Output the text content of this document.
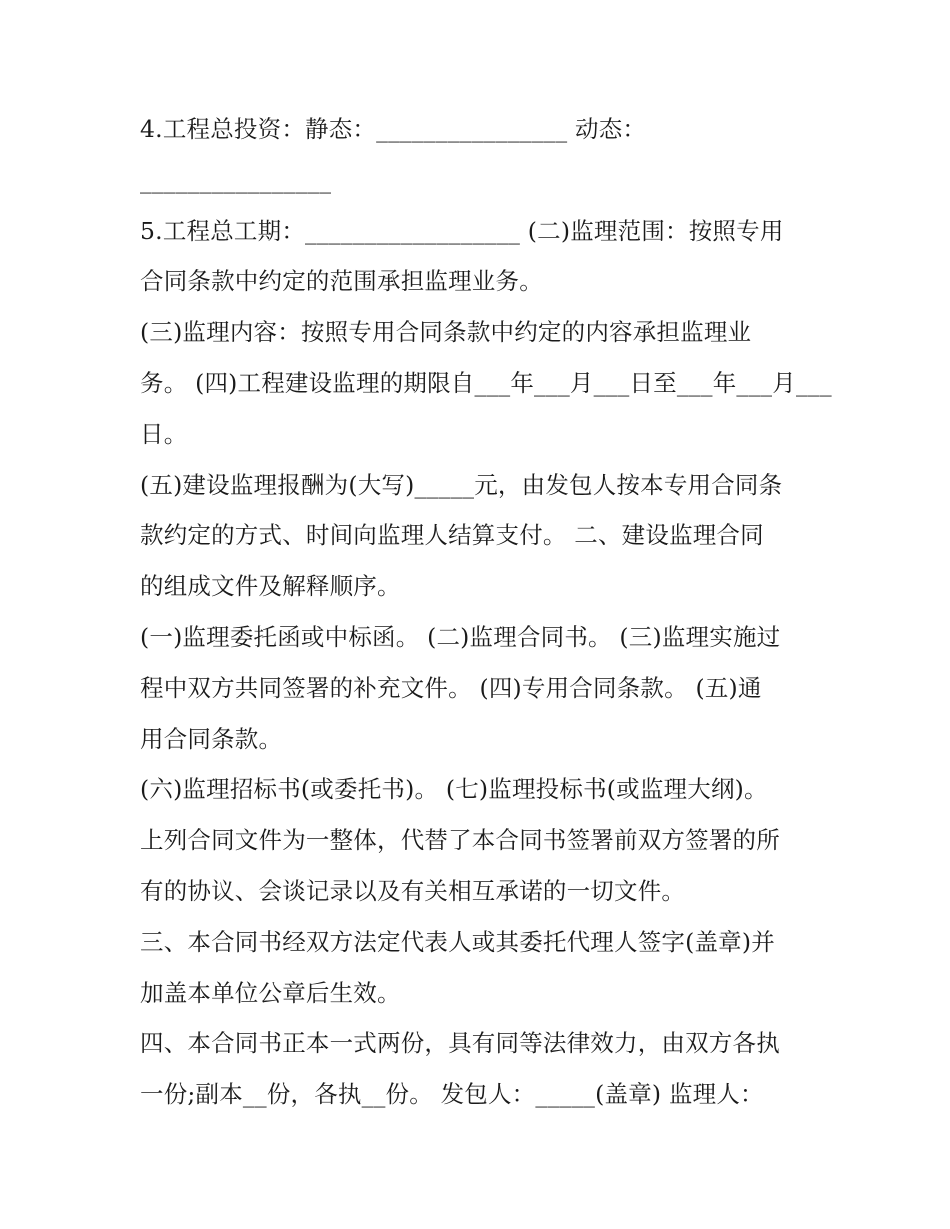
4.工程总投资：静态：________________ 动态：
________________
5.工程总工期：__________________ (二)监理范围：按照专用
合同条款中约定的范围承担监理业务。
(三)监理内容：按照专用合同条款中约定的内容承担监理业
务。 (四)工程建设监理的期限自___年___月___日至___年___月___
日。
(五)建设监理报酬为(大写)_____元，由发包人按本专用合同条
款约定的方式、时间向监理人结算支付。 二、建设监理合同
的组成文件及解释顺序。
(一)监理委托函或中标函。 (二)监理合同书。 (三)监理实施过
程中双方共同签署的补充文件。 (四)专用合同条款。 (五)通
用合同条款。
(六)监理招标书(或委托书)。 (七)监理投标书(或监理大纲)。
上列合同文件为一整体，代替了本合同书签署前双方签署的所
有的协议、会谈记录以及有关相互承诺的一切文件。
三、本合同书经双方法定代表人或其委托代理人签字(盖章)并
加盖本单位公章后生效。
四、本合同书正本一式两份，具有同等法律效力，由双方各执
一份;副本__份，各执__份。 发包人：_____(盖章) 监理人：
